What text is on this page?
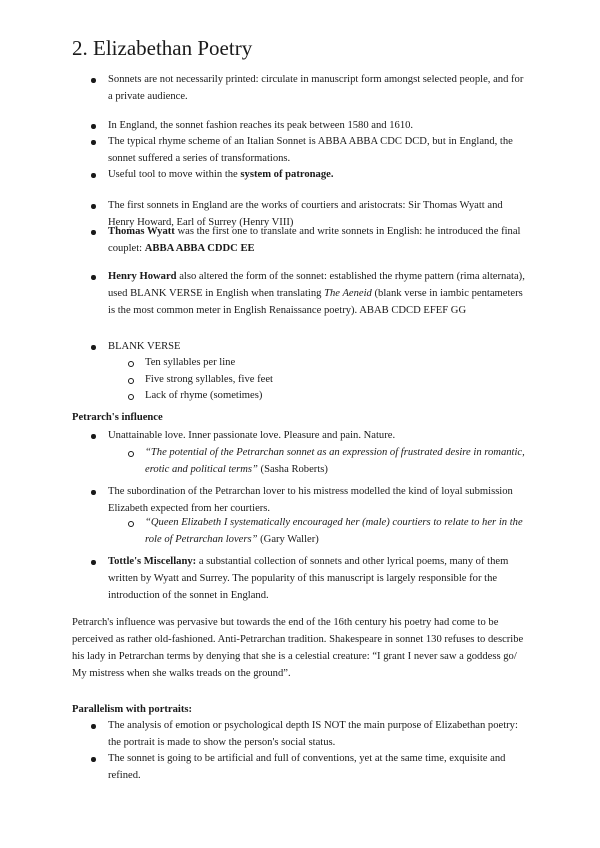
2. Elizabethan Poetry
Sonnets are not necessarily printed: circulate in manuscript form amongst selected people, and for a private audience.
In England, the sonnet fashion reaches its peak between 1580 and 1610.
The typical rhyme scheme of an Italian Sonnet is ABBA ABBA CDC DCD, but in England, the sonnet suffered a series of transformations.
Useful tool to move within the system of patronage.
The first sonnets in England are the works of courtiers and aristocrats: Sir Thomas Wyatt and Henry Howard, Earl of Surrey (Henry VIII)
Thomas Wyatt was the first one to translate and write sonnets in English: he introduced the final couplet: ABBA ABBA CDDC EE
Henry Howard also altered the form of the sonnet: established the rhyme pattern (rima alternata), used BLANK VERSE in English when translating The Aeneid (blank verse in iambic pentameters is the most common meter in English Renaissance poetry). ABAB CDCD EFEF GG
BLANK VERSE
Ten syllables per line
Five strong syllables, five feet
Lack of rhyme (sometimes)
Petrarch's influence
Unattainable love. Inner passionate love. Pleasure and pain. Nature.
“The potential of the Petrarchan sonnet as an expression of frustrated desire in romantic, erotic and political terms” (Sasha Roberts)
The subordination of the Petrarchan lover to his mistress modelled the kind of loyal submission Elizabeth expected from her courtiers.
“Queen Elizabeth I systematically encouraged her (male) courtiers to relate to her in the role of Petrarchan lovers” (Gary Waller)
Tottle's Miscellany: a substantial collection of sonnets and other lyrical poems, many of them written by Wyatt and Surrey. The popularity of this manuscript is largely responsible for the introduction of the sonnet in England.
Petrarch's influence was pervasive but towards the end of the 16th century his poetry had come to be perceived as rather old-fashioned. Anti-Petrarchan tradition. Shakespeare in sonnet 130 refuses to describe his lady in Petrarchan terms by denying that she is a celestial creature: “I grant I never saw a goddess go/ My mistress when she walks treads on the ground”.
Parallelism with portraits:
The analysis of emotion or psychological depth IS NOT the main purpose of Elizabethan poetry: the portrait is made to show the person's social status.
The sonnet is going to be artificial and full of conventions, yet at the same time, exquisite and refined.
